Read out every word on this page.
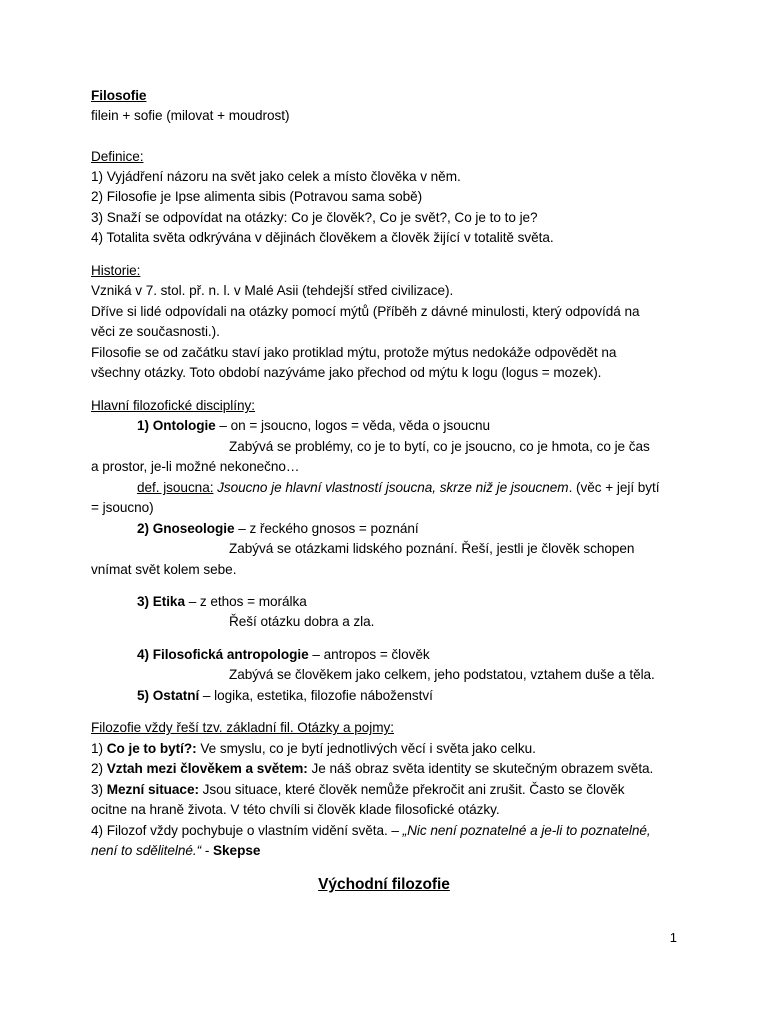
Filosofie
filein + sofie (milovat + moudrost)
Definice:
1) Vyjádření názoru na svět jako celek a místo člověka v něm.
2) Filosofie je Ipse alimenta sibis (Potravou sama sobě)
3) Snaží se odpovídat na otázky: Co je člověk?, Co je svět?, Co je to to je?
4) Totalita světa odkrývána v dějinách člověkem a člověk žijící v totalitě světa.
Historie:
Vzniká v 7. stol. př. n. l. v Malé Asii (tehdejší střed civilizace).
Dříve si lidé odpovídali na otázky pomocí mýtů (Příběh z dávné minulosti, který odpovídá na
věci ze současnosti.).
Filosofie se od začátku staví jako protiklad mýtu, protože mýtus nedokáže odpovědět na
všechny otázky. Toto období nazýváme jako přechod od mýtu k logu (logus = mozek).
Hlavní filozofické disciplíny:
1) Ontologie – on = jsoucno, logos = věda, věda o jsoucnu
Zabývá se problémy, co je to bytí, co je jsoucno, co je hmota, co je čas
a prostor, je-li možné nekonečno…
def. jsoucna: Jsoucno je hlavní vlastností jsoucna, skrze niž je jsoucnem. (věc + její bytí
= jsoucno)
2) Gnoseologie – z řeckého gnosos = poznání
Zabývá se otázkami lidského poznání. Řeší, jestli je člověk schopen
vnímat svět kolem sebe.
3) Etika – z ethos = morálka
Řeší otázku dobra a zla.
4) Filosofická antropologie – antropos = člověk
Zabývá se člověkem jako celkem, jeho podstatou, vztahem duše a těla.
5) Ostatní – logika, estetika, filozofie náboženství
Filozofie vždy řeší tzv. základní fil. Otázky a pojmy:
1) Co je to bytí?: Ve smyslu, co je bytí jednotlivých věcí i světa jako celku.
2) Vztah mezi člověkem a světem: Je náš obraz světa identity se skutečným obrazem světa.
3) Mezní situace: Jsou situace, které člověk nemůže překročit ani zrušit. Často se člověk
ocitne na hraně života. V této chvíli si člověk klade filosofické otázky.
4) Filozof vždy pochybuje o vlastním vidění světa. – „Nic není poznatelné a je-li to poznatelné,
není to sdělitelné.“ - Skepse
Východní filozofie
1
